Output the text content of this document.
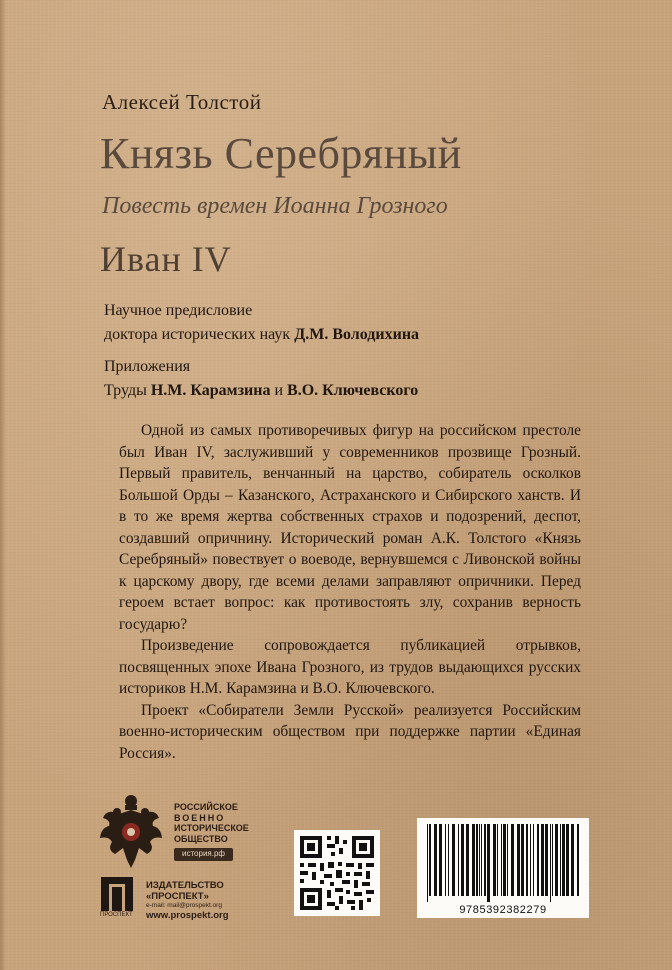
Алексей Толстой
Князь Серебряный
Повесть времен Иоанна Грозного
Иван IV
Научное предисловие
доктора исторических наук Д.М. Володихина
Приложения
Труды Н.М. Карамзина и В.О. Ключевского

Одной из самых противоречивых фигур на российском престоле был Иван IV, заслуживший у современников прозвище Грозный. Первый правитель, венчанный на царство, собиратель осколков Большой Орды – Казанского, Астраханского и Сибирского ханств. И в то же время жертва собственных страхов и подозрений, деспот, создавший опричнину. Исторический роман А.К. Толстого «Князь Серебряный» повествует о воеводе, вернувшемся с Ливонской войны к царскому двору, где всеми делами заправляют опричники. Перед героем встает вопрос: как противостоять злу, сохранив верность государю?

Произведение сопровождается публикацией отрывков, посвященных эпохе Ивана Грозного, из трудов выдающихся русских историков Н.М. Карамзина и В.О. Ключевского.

Проект «Собиратели Земли Русской» реализуется Российским военно-историческим обществом при поддержке партии «Единая Россия».

РОССИЙСКОЕ
ВОЕННО
ИСТОРИЧЕСКОЕ
ОБЩЕСТВО
история.рф
ПРОСПЕКТ
ИЗДАТЕЛЬСТВО
«ПРОСПЕКТ»
e-mail: mail@prospekt.org
www.prospekt.org	9785392382279
